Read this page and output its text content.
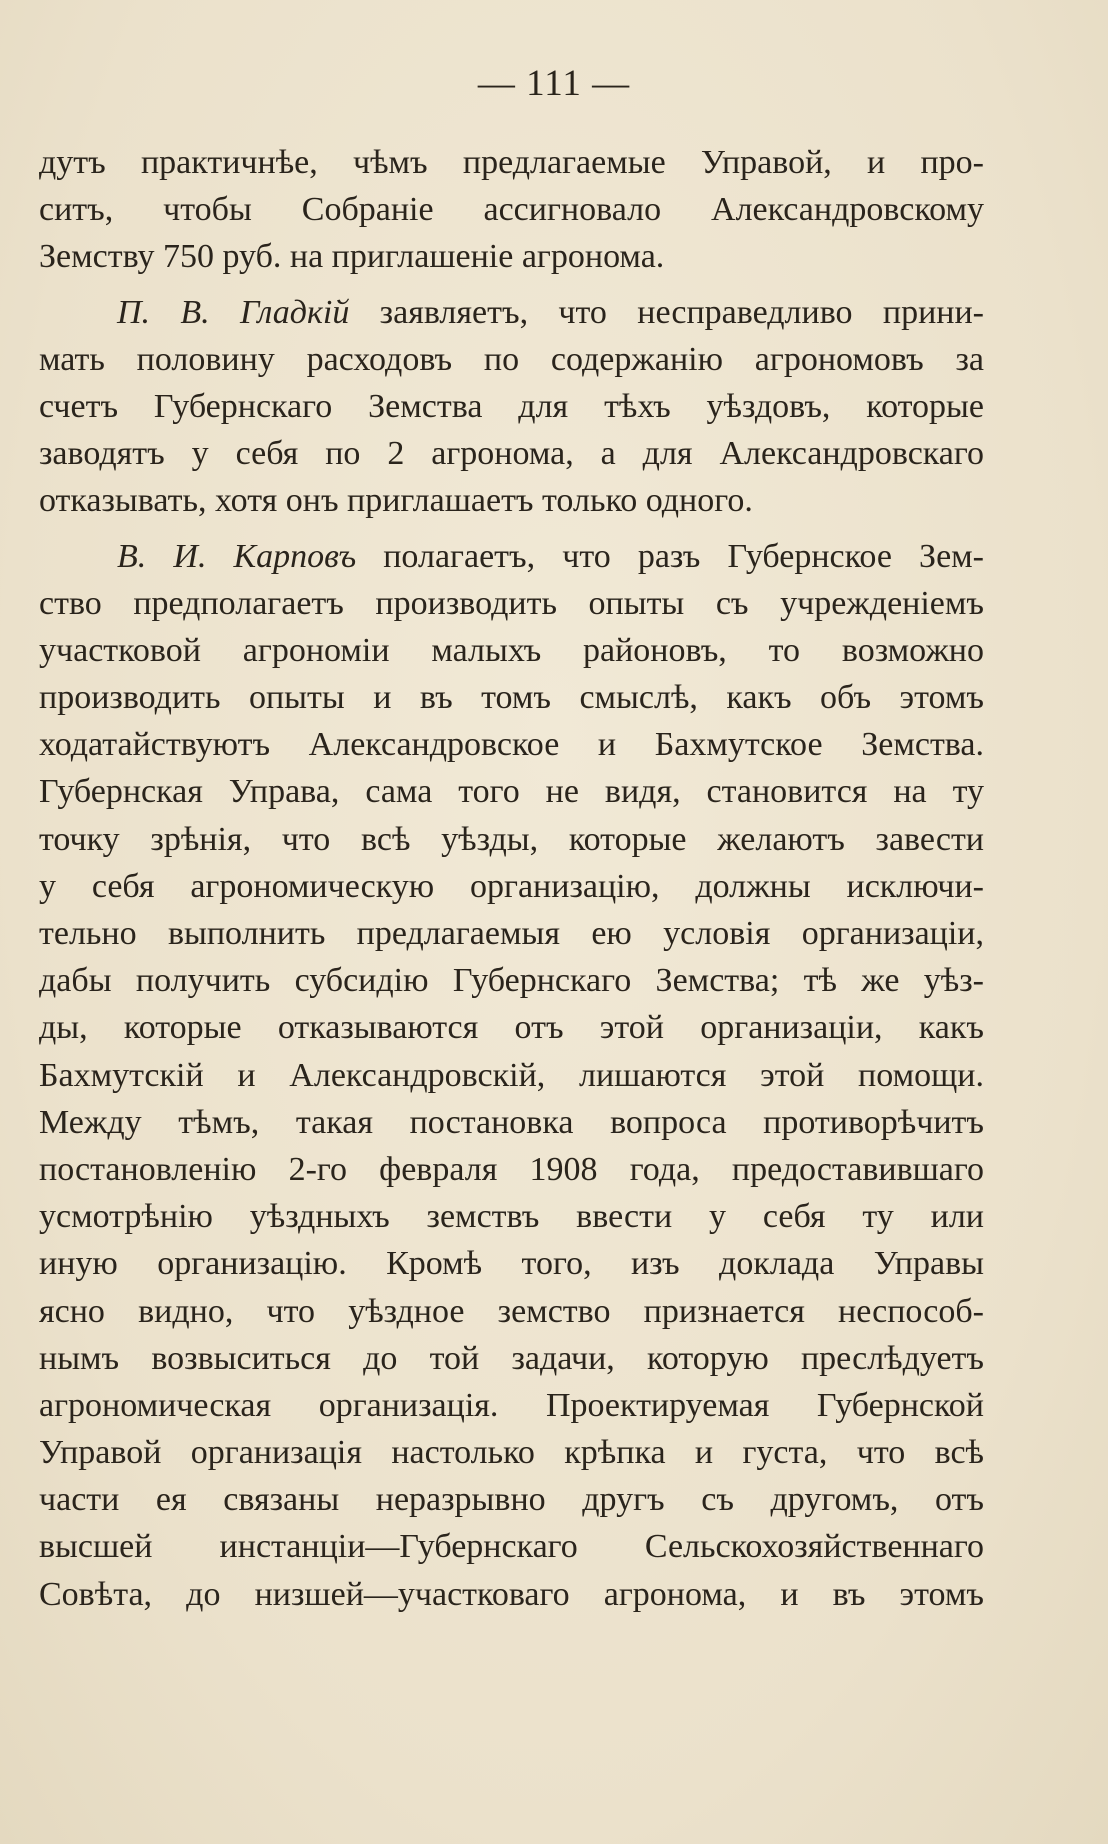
— 111 —
дутъ практичнѣе, чѣмъ предлагаемые Управой, и про-
ситъ, чтобы Собраніе ассигновало Александровскому
Земству 750 руб. на приглашеніе агронома.
П. В. Гладкій заявляетъ, что несправедливо прини-
мать половину расходовъ по содержанію агрономовъ за
счетъ Губернскаго Земства для тѣхъ уѣздовъ, которые
заводятъ у себя по 2 агронома, а для Александровскаго
отказывать, хотя онъ приглашаетъ только одного.
В. И. Карповъ полагаетъ, что разъ Губернское Зем-
ство предполагаетъ производить опыты съ учрежденіемъ
участковой агрономіи малыхъ районовъ, то возможно
производить опыты и въ томъ смыслѣ, какъ объ этомъ
ходатайствуютъ Александровское и Бахмутское Земства.
Губернская Управа, сама того не видя, становится на ту
точку зрѣнія, что всѣ уѣзды, которые желаютъ завести
у себя агрономическую организацію, должны исключи-
тельно выполнить предлагаемыя ею условія организаціи,
дабы получить субсидію Губернскаго Земства; тѣ же уѣз-
ды, которые отказываются отъ этой организаціи, какъ
Бахмутскій и Александровскій, лишаются этой помощи.
Между тѣмъ, такая постановка вопроса противорѣчитъ
постановленію 2-го февраля 1908 года, предоставившаго
усмотрѣнію уѣздныхъ земствъ ввести у себя ту или
иную организацію. Кромѣ того, изъ доклада Управы
ясно видно, что уѣздное земство признается неспособ-
нымъ возвыситься до той задачи, которую преслѣдуетъ
агрономическая организація. Проектируемая Губернской
Управой организація настолько крѣпка и густа, что всѣ
части ея связаны неразрывно другъ съ другомъ, отъ
высшей инстанціи—Губернскаго Сельскохозяйственнаго
Совѣта, до низшей—участковаго агронома, и въ этомъ
